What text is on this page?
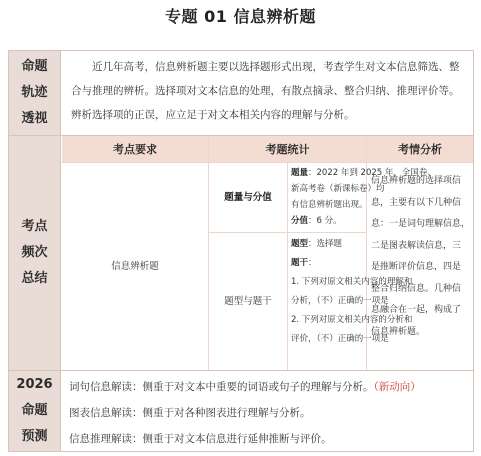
专题 01 信息辨析题
命题
轨迹
透视
近几年高考，信息辨析题主要以选择题形式出现，考查学生对文本信息筛选、整合与推理的辨析。选择项对文本信息的处理，有散点摘录、整合归纳、推理评价等。辨析选择项的正误，应立足于对文本相关内容的理解与分析。
考点
频次
总结
考点要求	考题统计	考情分析
信息辨析题
题量与分值
题量：2022 年到 2025 年，全国卷、
新高考卷（新课标卷）均
有信息辨析题出现。
分值：6 分。
题型与题干
题型：选择题
题干：
1. 下列对原文相关内容的理解和
分析，（不）正确的一项是
2. 下列对原文相关内容的分析和
评价，（不）正确的一项是
信息辨析题的选择项信
息，主要有以下几种信
息：一是词句理解信息，
二是图表解读信息，三
是推断评价信息，四是
整合归纳信息。几种信
息融合在一起，构成了
信息辨析题。
2026
命题
预测
词句信息解读：侧重于对文本中重要的词语或句子的理解与分析。（新动向）
图表信息解读：侧重于对各种图表进行理解与分析。
信息推理解读：侧重于对文本信息进行延伸推断与评价。
